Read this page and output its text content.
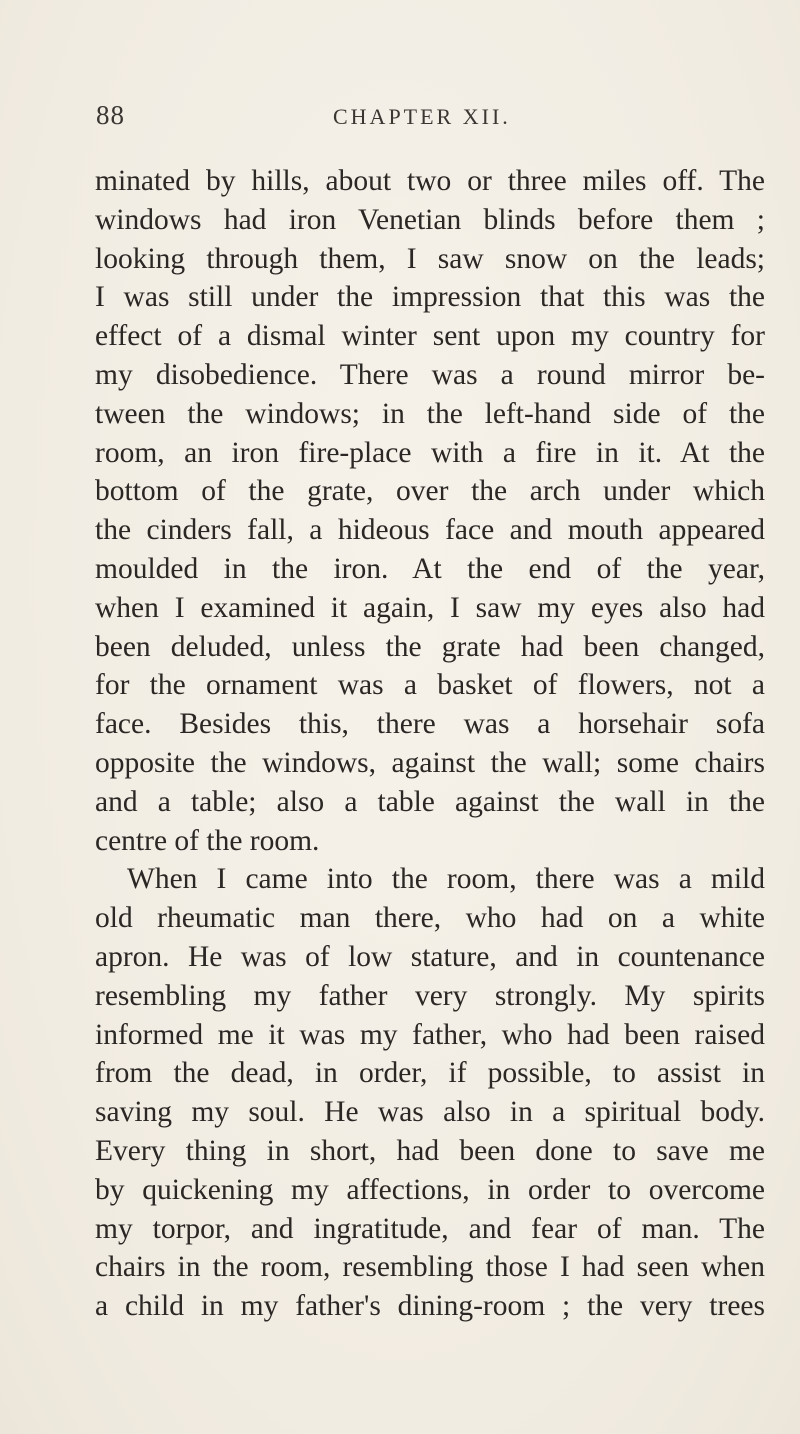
88	CHAPTER XII.
minated by hills, about two or three miles off. The
windows had iron Venetian blinds before them ;
looking through them, I saw snow on the leads;
I was still under the impression that this was the
effect of a dismal winter sent upon my country for
my disobedience. There was a round mirror be-
tween the windows; in the left-hand side of the
room, an iron fire-place with a fire in it. At the
bottom of the grate, over the arch under which
the cinders fall, a hideous face and mouth appeared
moulded in the iron. At the end of the year,
when I examined it again, I saw my eyes also had
been deluded, unless the grate had been changed,
for the ornament was a basket of flowers, not a
face. Besides this, there was a horsehair sofa
opposite the windows, against the wall; some chairs
and a table; also a table against the wall in the
centre of the room.
When I came into the room, there was a mild
old rheumatic man there, who had on a white
apron. He was of low stature, and in countenance
resembling my father very strongly. My spirits
informed me it was my father, who had been raised
from the dead, in order, if possible, to assist in
saving my soul. He was also in a spiritual body.
Every thing in short, had been done to save me
by quickening my affections, in order to overcome
my torpor, and ingratitude, and fear of man. The
chairs in the room, resembling those I had seen when
a child in my father's dining-room ; the very trees
